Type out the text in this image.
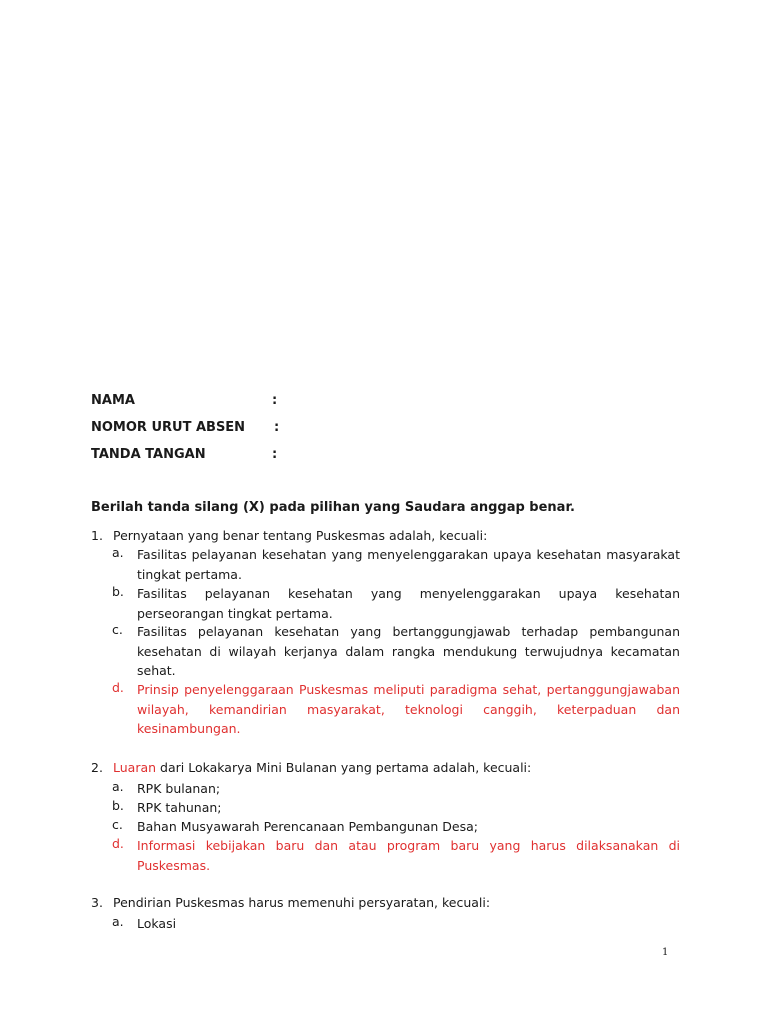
NAMA	:
NOMOR URUT ABSEN :
TANDA TANGAN	:
Berilah tanda silang (X) pada pilihan yang Saudara anggap benar.
1. Pernyataan yang benar tentang Puskesmas adalah, kecuali:
a. Fasilitas pelayanan kesehatan yang menyelenggarakan upaya kesehatan masyarakat tingkat pertama.
b. Fasilitas pelayanan kesehatan yang menyelenggarakan upaya kesehatan perseorangan tingkat pertama.
c. Fasilitas pelayanan kesehatan yang bertanggungjawab terhadap pembangunan kesehatan di wilayah kerjanya dalam rangka mendukung terwujudnya kecamatan sehat.
d. Prinsip penyelenggaraan Puskesmas meliputi paradigma sehat, pertanggungjawaban wilayah, kemandirian masyarakat, teknologi canggih, keterpaduan dan kesinambungan.
2. Luaran dari Lokakarya Mini Bulanan yang pertama adalah, kecuali:
a. RPK bulanan;
b. RPK tahunan;
c. Bahan Musyawarah Perencanaan Pembangunan Desa;
d. Informasi kebijakan baru dan atau program baru yang harus dilaksanakan di Puskesmas.
3. Pendirian Puskesmas harus memenuhi persyaratan, kecuali:
a. Lokasi
1
